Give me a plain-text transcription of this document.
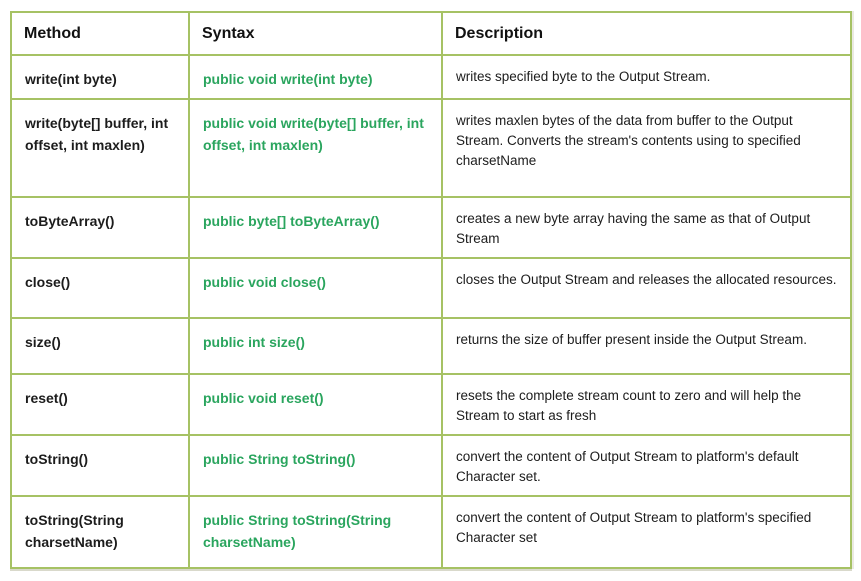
Method	Syntax	Description
write(int byte)	public void write(int byte)	writes specified byte to the Output Stream.
write(byte[] buffer, int offset, int maxlen)	public void write(byte[] buffer, int offset, int maxlen)	writes maxlen bytes of the data from buffer to the Output Stream. Converts the stream's contents using to specified charsetName
toByteArray()	public byte[] toByteArray()	creates a new byte array having the same as that of Output Stream
close()	public void close()	closes the Output Stream and releases the allocated resources.
size()	public int size()	returns the size of buffer present inside the Output Stream.
reset()	public void reset()	resets the complete stream count to zero and will help the Stream to start as fresh
toString()	public String toString()	convert the content of Output Stream to platform's default Character set.
toString(String charsetName)	public String toString(String charsetName)	convert the content of Output Stream to platform's specified Character set
